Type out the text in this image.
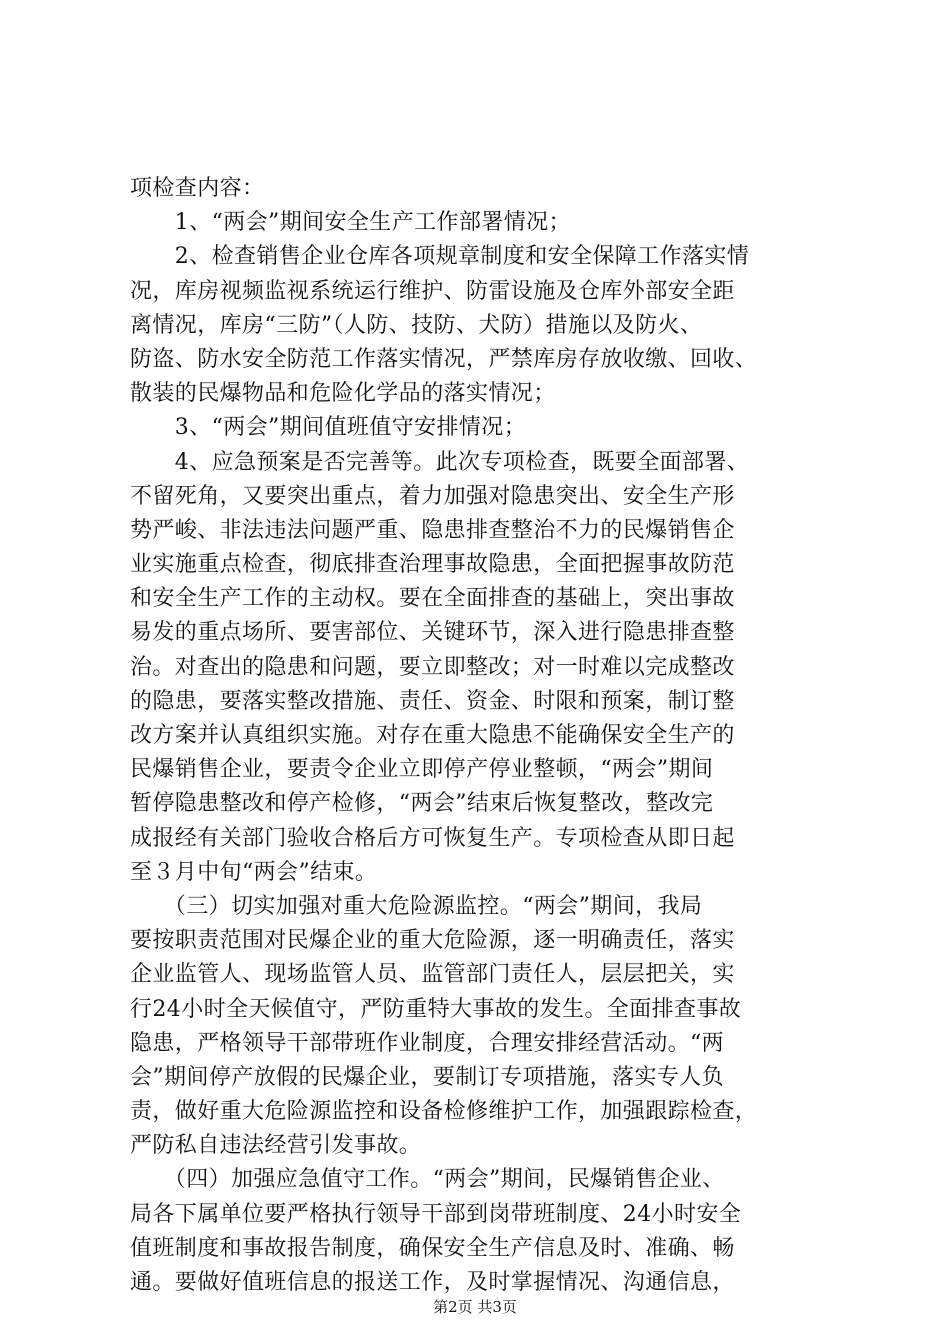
项检查内容：
　　1、“两会”期间安全生产工作部署情况；
　　2、检查销售企业仓库各项规章制度和安全保障工作落实情
况，库房视频监视系统运行维护、防雷设施及仓库外部安全距
离情况，库房“三防”（人防、技防、犬防）措施以及防火、
防盗、防水安全防范工作落实情况，严禁库房存放收缴、回收、
散装的民爆物品和危险化学品的落实情况；
　　3、“两会”期间值班值守安排情况；
　　4、应急预案是否完善等。此次专项检查，既要全面部署、
不留死角，又要突出重点，着力加强对隐患突出、安全生产形
势严峻、非法违法问题严重、隐患排查整治不力的民爆销售企
业实施重点检查，彻底排查治理事故隐患，全面把握事故防范
和安全生产工作的主动权。要在全面排查的基础上，突出事故
易发的重点场所、要害部位、关键环节，深入进行隐患排查整
治。对查出的隐患和问题，要立即整改；对一时难以完成整改
的隐患，要落实整改措施、责任、资金、时限和预案，制订整
改方案并认真组织实施。对存在重大隐患不能确保安全生产的
民爆销售企业，要责令企业立即停产停业整顿，“两会”期间
暂停隐患整改和停产检修，“两会”结束后恢复整改，整改完
成报经有关部门验收合格后方可恢复生产。专项检查从即日起
至３月中旬“两会”结束。
　　（三）切实加强对重大危险源监控。“两会”期间，我局
要按职责范围对民爆企业的重大危险源，逐一明确责任，落实
企业监管人、现场监管人员、监管部门责任人，层层把关，实
行24小时全天候值守，严防重特大事故的发生。全面排查事故
隐患，严格领导干部带班作业制度，合理安排经营活动。“两
会”期间停产放假的民爆企业，要制订专项措施，落实专人负
责，做好重大危险源监控和设备检修维护工作，加强跟踪检查，
严防私自违法经营引发事故。
　　（四）加强应急值守工作。“两会”期间，民爆销售企业、
局各下属单位要严格执行领导干部到岗带班制度、24小时安全
值班制度和事故报告制度，确保安全生产信息及时、准确、畅
通。要做好值班信息的报送工作，及时掌握情况、沟通信息，
第2页 共3页
